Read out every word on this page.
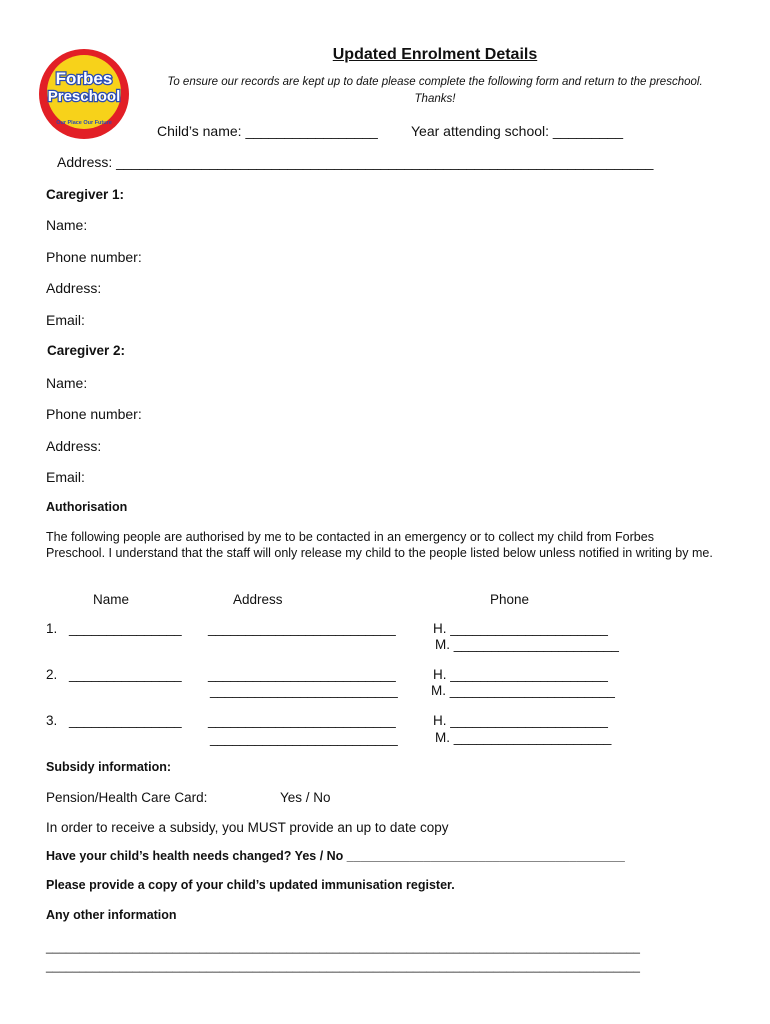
Forbes
Preschool
Our Place Our Future
Updated Enrolment Details
To ensure our records are kept up to date please complete the following form and return to the preschool. Thanks!
Child’s name: _________________ Year attending school: _________
Address: _____________________________________________________________________
Caregiver 1:
Name:
Phone number:
Address:
Email:
Caregiver 2:
Name:
Phone number:
Address:
Email:
Authorisation
The following people are authorised by me to be contacted in an emergency or to collect my child from Forbes Preschool. I understand that the staff will only release my child to the people listed below unless notified in writing by me.
Name	Address	Phone
1. _______________ _________________________	H. _____________________
M. ______________________
2. _______________ _________________________
_________________________
H. _____________________
M. ______________________
3. _______________ _________________________
_________________________
H. _____________________
M. _____________________
Subsidy information:
Pension/Health Care Card:	Yes / No
In order to receive a subsidy, you MUST provide an up to date copy
Have your child’s health needs changed? Yes / No ________________________________________
Please provide a copy of your child’s updated immunisation register.
Any other information
_________________________________________________________________________________________
_________________________________________________________________________________________
